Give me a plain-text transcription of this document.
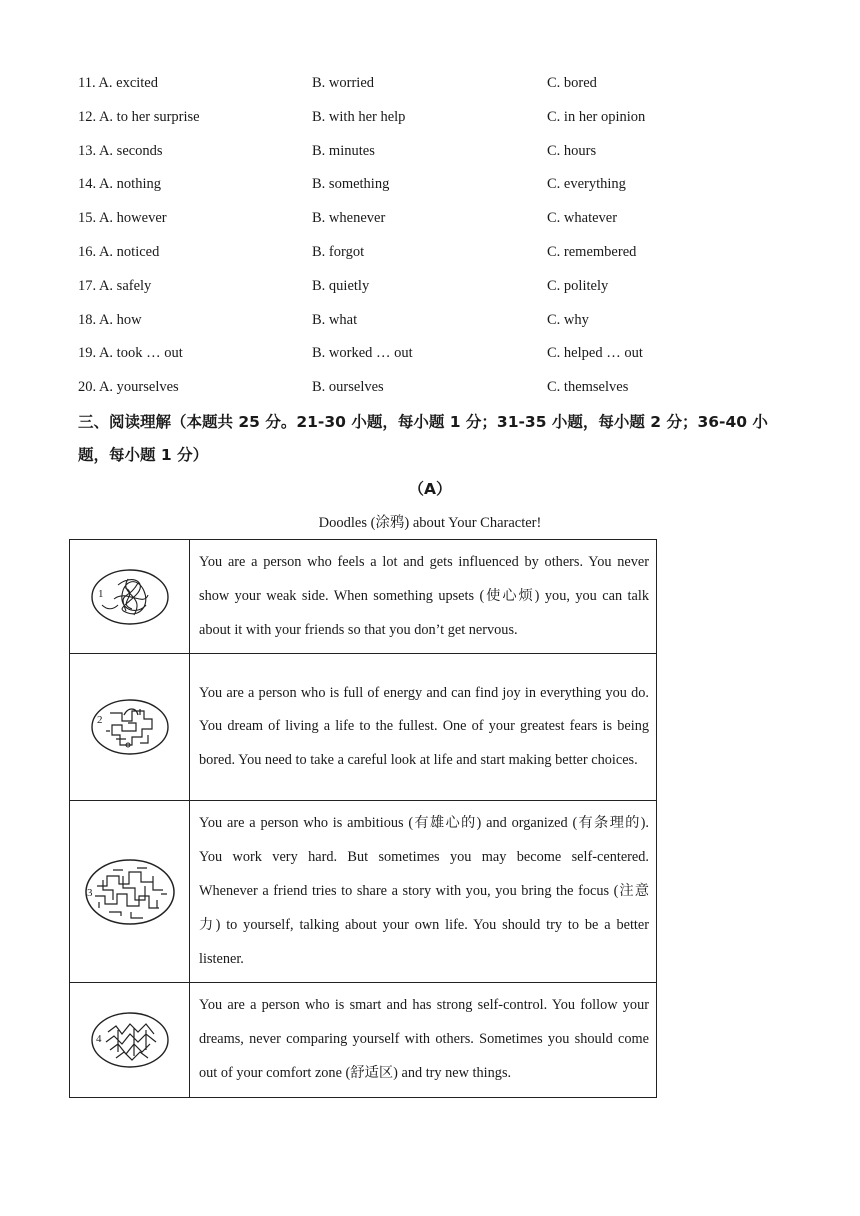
11. A. excited	B. worried	C. bored
12. A. to her surprise	B. with her help	C. in her opinion
13. A. seconds	B. minutes	C. hours
14. A. nothing	B. something	C. everything
15. A. however	B. whenever	C. whatever
16. A. noticed	B. forgot	C. remembered
17. A. safely	B. quietly	C. politely
18. A. how	B. what	C. why
19. A. took … out	B. worked … out	C. helped … out
20. A. yourselves	B. ourselves	C. themselves
三、阅读理解（本题共 25 分。21-30 小题，每小题 1 分；31-35 小题，每小题 2 分；36-40 小题，每小题 1 分）
（A）
Doodles (涂鸦) about Your Character!
1	You are a person who feels a lot and gets influenced by others. You never show your weak side. When something upsets (使心烦) you, you can talk about it with your friends so that you don’t get nervous.

2	You are a person who is full of energy and can find joy in everything you do. You dream of living a life to the fullest. One of your greatest fears is being bored. You need to take a careful look at life and start making better choices.

3	You are a person who is ambitious (有雄心的) and organized (有条理的). You work very hard. But sometimes you may become self-centered. Whenever a friend tries to share a story with you, you bring the focus (注意力) to yourself, talking about your own life. You should try to be a better listener.

4	You are a person who is smart and has strong self-control. You follow your dreams, never comparing yourself with others. Sometimes you should come out of your comfort zone (舒适区) and try new things.
